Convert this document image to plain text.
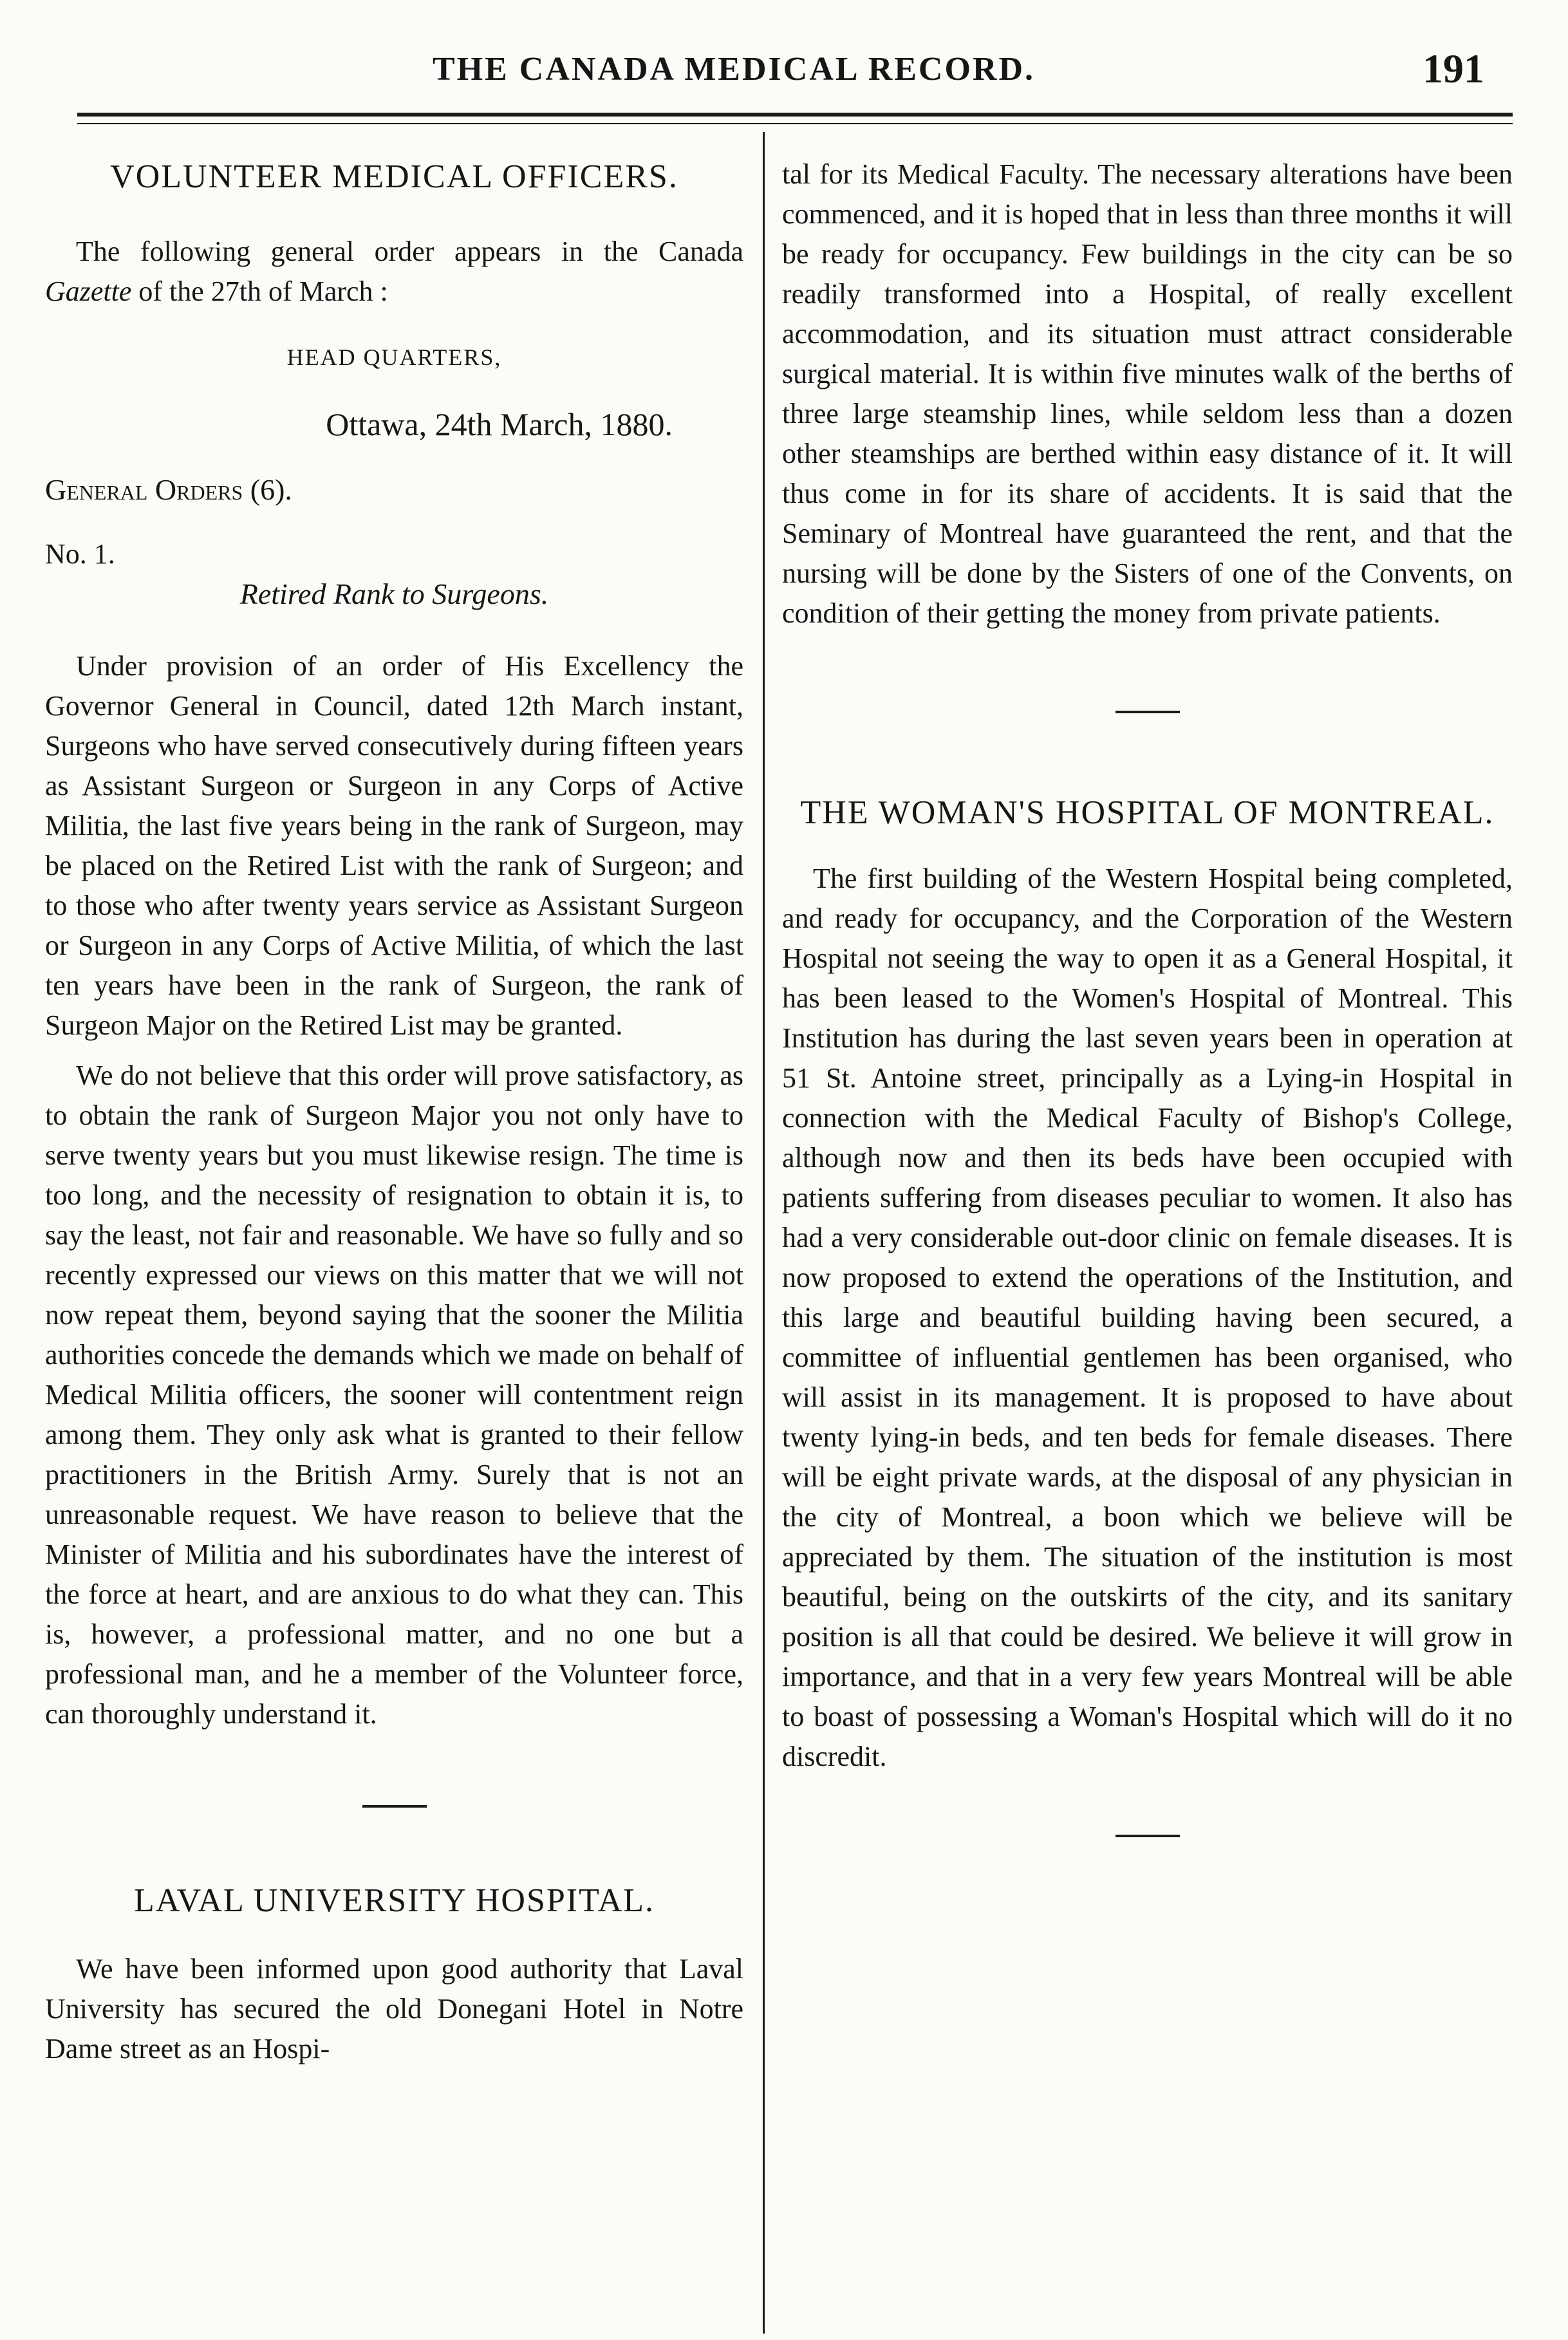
THE CANADA MEDICAL RECORD.	191
VOLUNTEER MEDICAL OFFICERS.

The following general order appears in the Canada Gazette of the 27th of March :

HEAD QUARTERS,

Ottawa, 24th March, 1880.

General Orders (6).

No. 1.

Retired Rank to Surgeons.

Under provision of an order of His Excellency the Governor General in Council, dated 12th March instant, Surgeons who have served consecutively during fifteen years as Assistant Surgeon or Surgeon in any Corps of Active Militia, the last five years being in the rank of Surgeon, may be placed on the Retired List with the rank of Surgeon; and to those who after twenty years service as Assistant Surgeon or Surgeon in any Corps of Active Militia, of which the last ten years have been in the rank of Surgeon, the rank of Surgeon Major on the Retired List may be granted.

We do not believe that this order will prove satisfactory, as to obtain the rank of Surgeon Major you not only have to serve twenty years but you must likewise resign. The time is too long, and the necessity of resignation to obtain it is, to say the least, not fair and reasonable. We have so fully and so recently expressed our views on this matter that we will not now repeat them, beyond saying that the sooner the Militia authorities concede the demands which we made on behalf of Medical Militia officers, the sooner will contentment reign among them. They only ask what is granted to their fellow practitioners in the British Army. Surely that is not an unreasonable request. We have reason to believe that the Minister of Militia and his subordinates have the interest of the force at heart, and are anxious to do what they can. This is, however, a professional matter, and no one but a professional man, and he a member of the Volunteer force, can thoroughly understand it.

LAVAL UNIVERSITY HOSPITAL.

We have been informed upon good authority that Laval University has secured the old Donegani Hotel in Notre Dame street as an Hospi-

tal for its Medical Faculty. The necessary alterations have been commenced, and it is hoped that in less than three months it will be ready for occupancy. Few buildings in the city can be so readily transformed into a Hospital, of really excellent accommodation, and its situation must attract considerable surgical material. It is within five minutes walk of the berths of three large steamship lines, while seldom less than a dozen other steamships are berthed within easy distance of it. It will thus come in for its share of accidents. It is said that the Seminary of Montreal have guaranteed the rent, and that the nursing will be done by the Sisters of one of the Convents, on condition of their getting the money from private patients.

THE WOMAN'S HOSPITAL OF MONTREAL.

The first building of the Western Hospital being completed, and ready for occupancy, and the Corporation of the Western Hospital not seeing the way to open it as a General Hospital, it has been leased to the Women's Hospital of Montreal. This Institution has during the last seven years been in operation at 51 St. Antoine street, principally as a Lying-in Hospital in connection with the Medical Faculty of Bishop's College, although now and then its beds have been occupied with patients suffering from diseases peculiar to women. It also has had a very considerable out-door clinic on female diseases. It is now proposed to extend the operations of the Institution, and this large and beautiful building having been secured, a committee of influential gentlemen has been organised, who will assist in its management. It is proposed to have about twenty lying-in beds, and ten beds for female diseases. There will be eight private wards, at the disposal of any physician in the city of Montreal, a boon which we believe will be appreciated by them. The situation of the institution is most beautiful, being on the outskirts of the city, and its sanitary position is all that could be desired. We believe it will grow in importance, and that in a very few years Montreal will be able to boast of possessing a Woman's Hospital which will do it no discredit.
